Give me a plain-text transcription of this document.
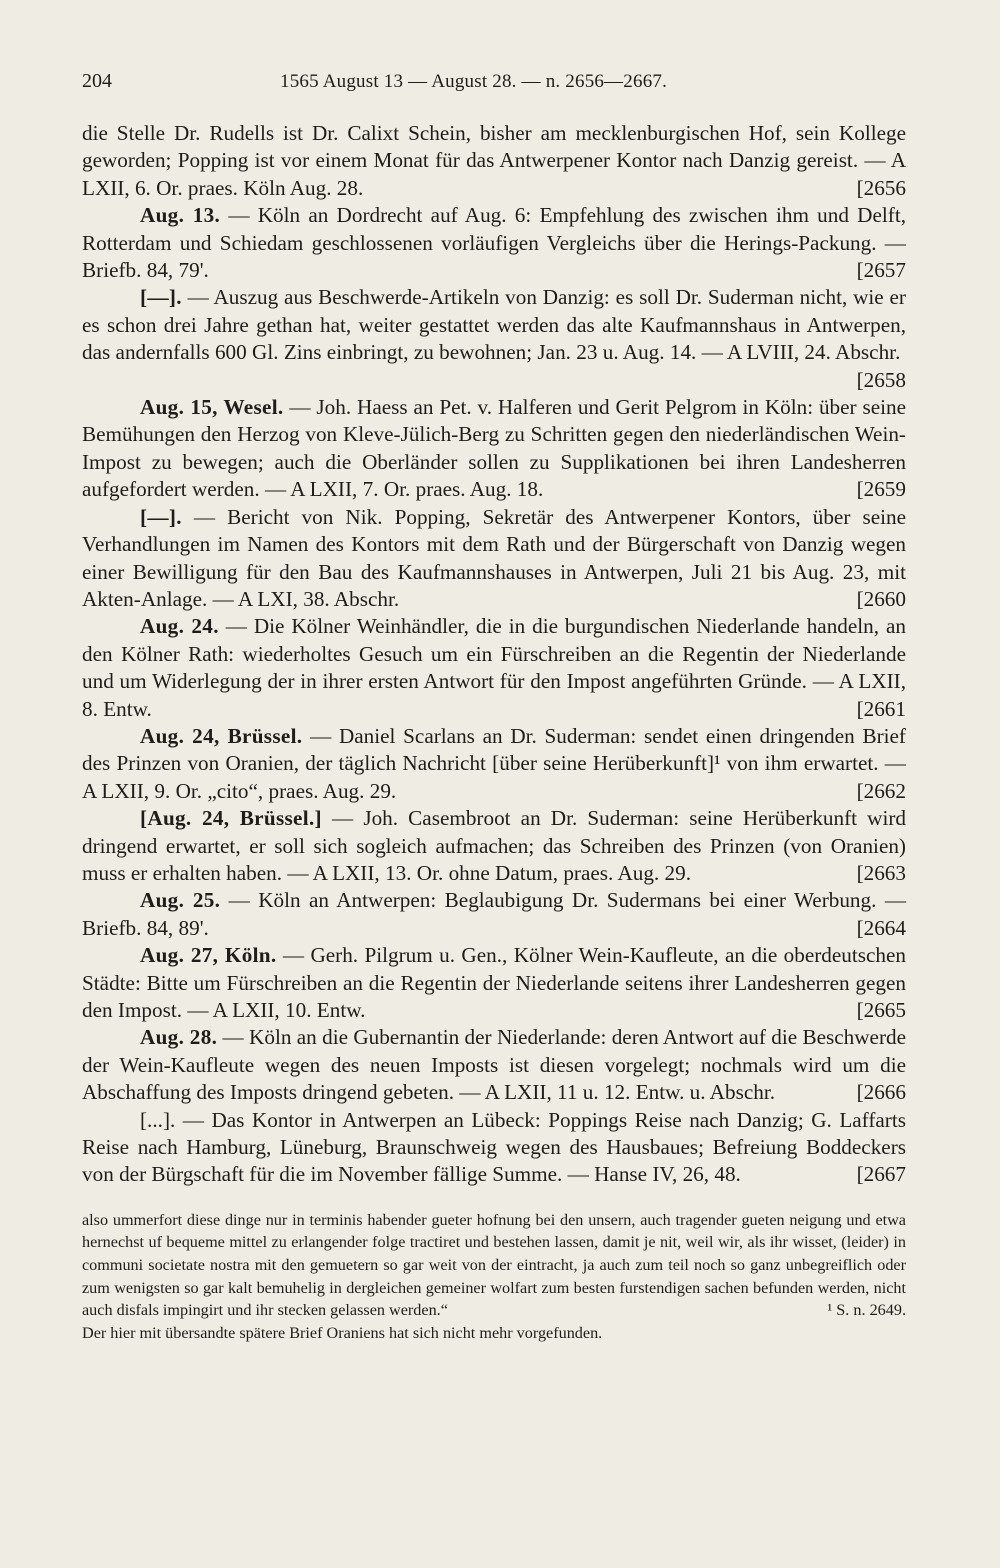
204	1565 August 13 — August 28. — n. 2656—2667.

die Stelle Dr. Rudells ist Dr. Calixt Schein, bisher am mecklenburgischen Hof, sein Kollege geworden; Popping ist vor einem Monat für das Antwerpener Kontor nach Danzig gereist. — A LXII, 6. Or. praes. Köln Aug. 28.	[2656

Aug. 13. — Köln an Dordrecht auf Aug. 6: Empfehlung des zwischen ihm und Delft, Rotterdam und Schiedam geschlossenen vorläufigen Vergleichs über die Herings-Packung. — Briefb. 84, 79'.	[2657

[—]. — Auszug aus Beschwerde-Artikeln von Danzig: es soll Dr. Suderman nicht, wie er es schon drei Jahre gethan hat, weiter gestattet werden das alte Kaufmannshaus in Antwerpen, das andernfalls 600 Gl. Zins einbringt, zu bewohnen; Jan. 23 u. Aug. 14. — A LVIII, 24. Abschr.
[2658

Aug. 15, Wesel. — Joh. Haess an Pet. v. Halferen und Gerit Pelgrom in Köln: über seine Bemühungen den Herzog von Kleve-Jülich-Berg zu Schritten gegen den niederländischen Wein-Impost zu bewegen; auch die Oberländer sollen zu Supplikationen bei ihren Landesherren aufgefordert werden. — A LXII, 7. Or. praes. Aug. 18.	[2659

[—]. — Bericht von Nik. Popping, Sekretär des Antwerpener Kontors, über seine Verhandlungen im Namen des Kontors mit dem Rath und der Bürgerschaft von Danzig wegen einer Bewilligung für den Bau des Kaufmannshauses in Antwerpen, Juli 21 bis Aug. 23, mit Akten-Anlage. — A LXI, 38. Abschr.	[2660

Aug. 24. — Die Kölner Weinhändler, die in die burgundischen Niederlande handeln, an den Kölner Rath: wiederholtes Gesuch um ein Fürschreiben an die Regentin der Niederlande und um Widerlegung der in ihrer ersten Antwort für den Impost angeführten Gründe. — A LXII, 8. Entw.	[2661

Aug. 24, Brüssel. — Daniel Scarlans an Dr. Suderman: sendet einen dringenden Brief des Prinzen von Oranien, der täglich Nachricht [über seine Herüberkunft]¹ von ihm erwartet. — A LXII, 9. Or. „cito“, praes. Aug. 29.	[2662

[Aug. 24, Brüssel.] — Joh. Casembroot an Dr. Suderman: seine Herüberkunft wird dringend erwartet, er soll sich sogleich aufmachen; das Schreiben des Prinzen (von Oranien) muss er erhalten haben. — A LXII, 13. Or. ohne Datum, praes. Aug. 29.	[2663

Aug. 25. — Köln an Antwerpen: Beglaubigung Dr. Sudermans bei einer Werbung. — Briefb. 84, 89'.	[2664

Aug. 27, Köln. — Gerh. Pilgrum u. Gen., Kölner Wein-Kaufleute, an die oberdeutschen Städte: Bitte um Fürschreiben an die Regentin der Niederlande seitens ihrer Landesherren gegen den Impost. — A LXII, 10. Entw.	[2665

Aug. 28. — Köln an die Gubernantin der Niederlande: deren Antwort auf die Beschwerde der Wein-Kaufleute wegen des neuen Imposts ist diesen vorgelegt; nochmals wird um die Abschaffung des Imposts dringend gebeten. — A LXII, 11 u. 12. Entw. u. Abschr.	[2666

[...]. — Das Kontor in Antwerpen an Lübeck: Poppings Reise nach Danzig; G. Laffarts Reise nach Hamburg, Lüneburg, Braunschweig wegen des Hausbaues; Befreiung Boddeckers von der Bürgschaft für die im November fällige Summe. — Hanse IV, 26, 48.	[2667

also ummerfort diese dinge nur in terminis habender gueter hofnung bei den unsern, auch tragender gueten neigung und etwa hernechst uf bequeme mittel zu erlangender folge tractiret und bestehen lassen, damit je nit, weil wir, als ihr wisset, (leider) in communi societate nostra mit den gemuetern so gar weit von der eintracht, ja auch zum teil noch so ganz unbegreiflich oder zum wenigsten so gar kalt bemuhelig in dergleichen gemeiner wolfart zum besten furstendigen sachen befunden werden, nicht auch disfals impingirt und ihr stecken gelassen werden.“	¹ S. n. 2649.

Der hier mit übersandte spätere Brief Oraniens hat sich nicht mehr vorgefunden.
